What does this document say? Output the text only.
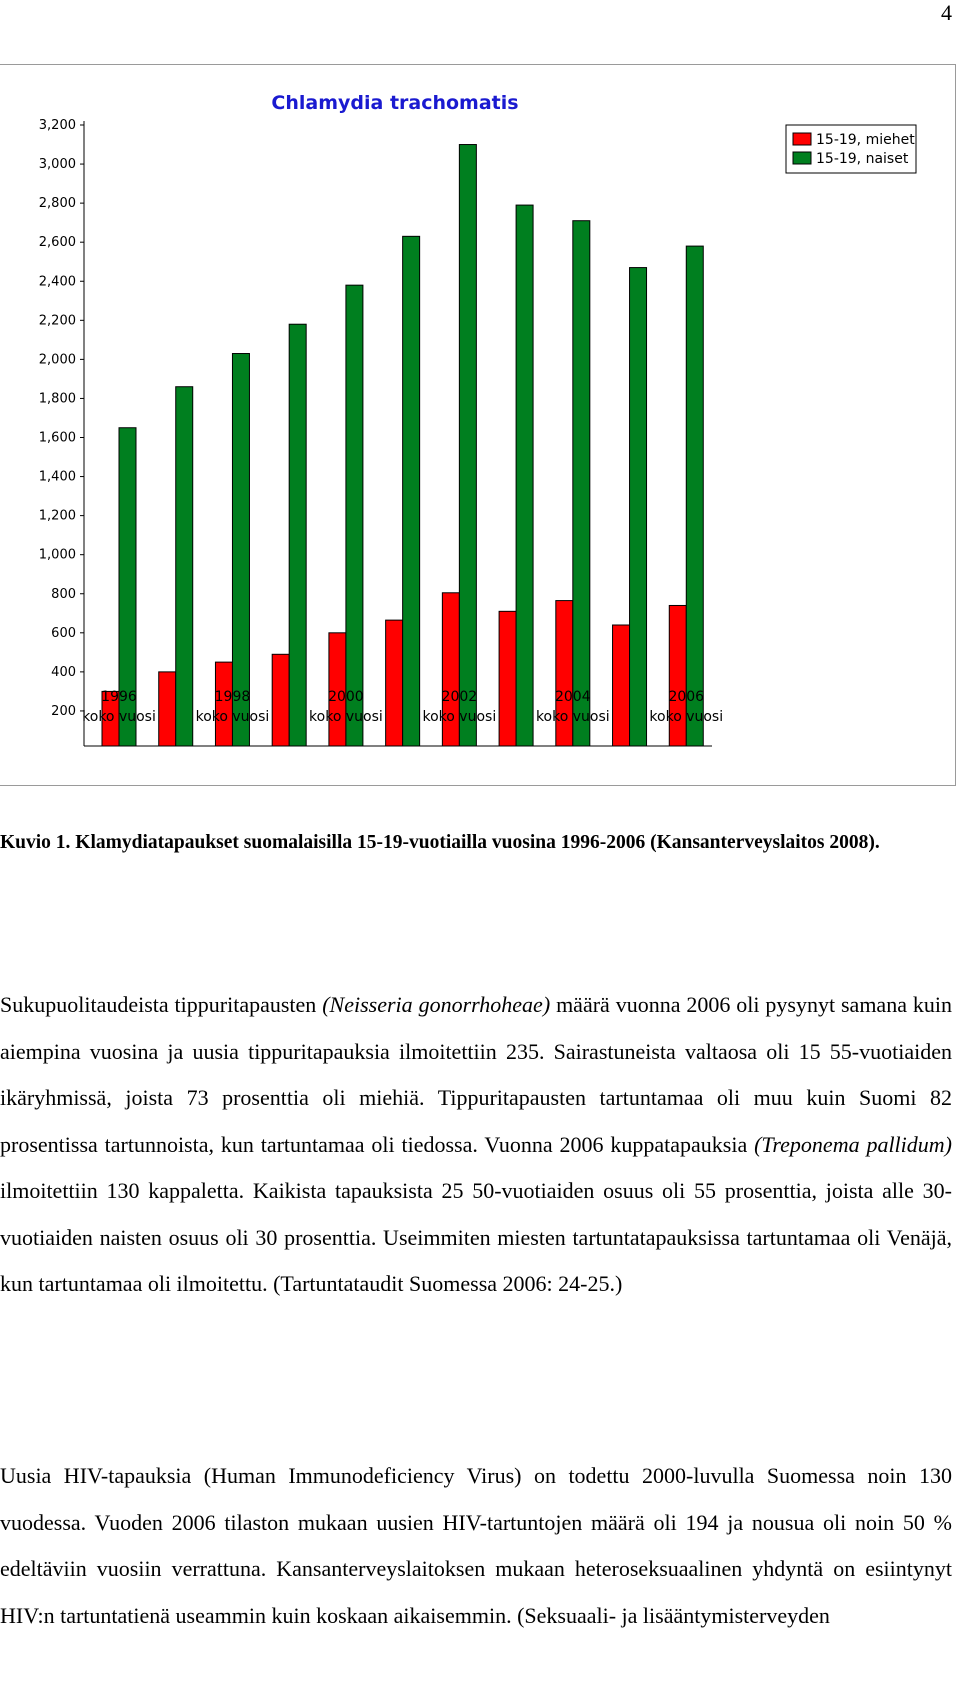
4
Chlamydia trachomatis
200
400
600
800
1,000
1,200
1,400
1,600
1,800
2,000
2,200
2,400
2,600
2,800
3,000
3,200
1996
koko vuosi
1998
koko vuosi
2000
koko vuosi
2002
koko vuosi
2004
koko vuosi
2006
koko vuosi
15-19, miehet
15-19, naiset
Kuvio 1. Klamydiatapaukset suomalaisilla 15-19-vuotiailla vuosina 1996-2006 (Kansanterveyslaitos 2008).

Sukupuolitaudeista tippuritapausten (Neisseria gonorrhoheae) määrä vuonna 2006 oli pysynyt samana kuin aiempina vuosina ja uusia tippuritapauksia ilmoitettiin 235. Sairastuneista valtaosa oli 15 55-vuotiaiden ikäryhmissä, joista 73 prosenttia oli miehiä. Tippuritapausten tartuntamaa oli muu kuin Suomi 82 prosentissa tartunnoista, kun tartuntamaa oli tiedossa. Vuonna 2006 kuppatapauksia (Treponema pallidum) ilmoitettiin 130 kappaletta. Kaikista tapauksista 25 50-vuotiaiden osuus oli 55 prosenttia, joista alle 30-vuotiaiden naisten osuus oli 30 prosenttia. Useimmiten miesten tartuntatapauksissa tartuntamaa oli Venäjä, kun tartuntamaa oli ilmoitettu. (Tartuntataudit Suomessa 2006: 24-25.)

Uusia HIV-tapauksia (Human Immunodeficiency Virus) on todettu 2000-luvulla Suomessa noin 130 vuodessa. Vuoden 2006 tilaston mukaan uusien HIV-tartuntojen määrä oli 194 ja nousua oli noin 50 % edeltäviin vuosiin verrattuna. Kansanterveyslaitoksen mukaan heteroseksuaalinen yhdyntä on esiintynyt HIV:n tartuntatienä useammin kuin koskaan aikaisemmin. (Seksuaali- ja lisääntymisterveyden
